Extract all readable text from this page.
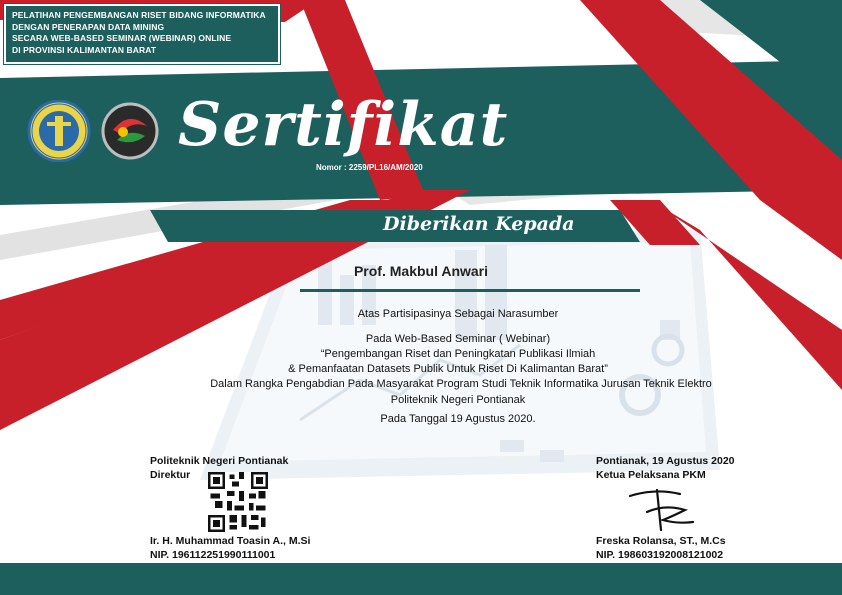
PELATIHAN PENGEMBANGAN RISET BIDANG INFORMATIKA
DENGAN PENERAPAN DATA MINING
SECARA WEB-BASED SEMINAR (WEBINAR) ONLINE
DI PROVINSI KALIMANTAN BARAT
Sertifikat
Nomor : 2259/PL16/AM/2020
Diberikan Kepada
Prof. Makbul Anwari
Atas Partisipasinya Sebagai Narasumber
Pada Web-Based Seminar ( Webinar)
“Pengembangan Riset dan Peningkatan Publikasi Ilmiah
& Pemanfaatan Datasets Publik Untuk Riset Di Kalimantan Barat”
Dalam Rangka Pengabdian Pada Masyarakat Program Studi Teknik Informatika Jurusan Teknik Elektro
Politeknik Negeri Pontianak
Pada Tanggal 19 Agustus 2020.
Politeknik Negeri Pontianak
Direktur
Ir. H. Muhammad Toasin A., M.Si
NIP. 196112251990111001
Pontianak, 19 Agustus 2020
Ketua Pelaksana PKM
Freska Rolansa, ST., M.Cs
NIP. 198603192008121002
